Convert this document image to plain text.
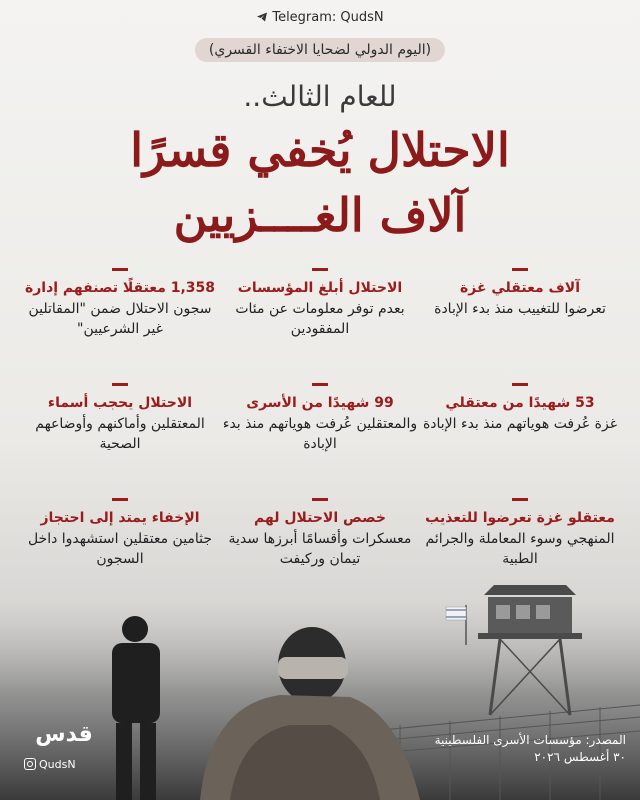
Telegram: QudsN
(اليوم الدولي لضحايا الاختفاء القسري)
للعام الثالث..
الاحتلال يُخفي قسرًا
آلاف الغــــزيين
آلاف معتقلي غزة
تعرضوا للتغييب منذ بدء الإبادة
الاحتلال أبلغ المؤسسات
بعدم توفر معلومات عن مئات المفقودين
1,358 معتقلًا تصنفهم إدارة
سجون الاحتلال ضمن "المقاتلين غير الشرعيين"
53 شهيدًا من معتقلي
غزة عُرفت هوياتهم منذ بدء الإبادة
99 شهيدًا من الأسرى
والمعتقلين عُرفت هوياتهم منذ بدء الإبادة
الاحتلال يحجب أسماء
المعتقلين وأماكنهم وأوضاعهم الصحية
معتقلو غزة تعرضوا للتعذيب
المنهجي وسوء المعاملة والجرائم الطبية
خصص الاحتلال لهم
معسكرات وأقسامًا أبرزها سدية تيمان وركيفت
الإخفاء يمتد إلى احتجاز
جثامين معتقلين استشهدوا داخل السجون
قدس
QudsN
المصدر: مؤسسات الأسرى الفلسطينية
٣٠ أغسطس ٢٠٢٦
